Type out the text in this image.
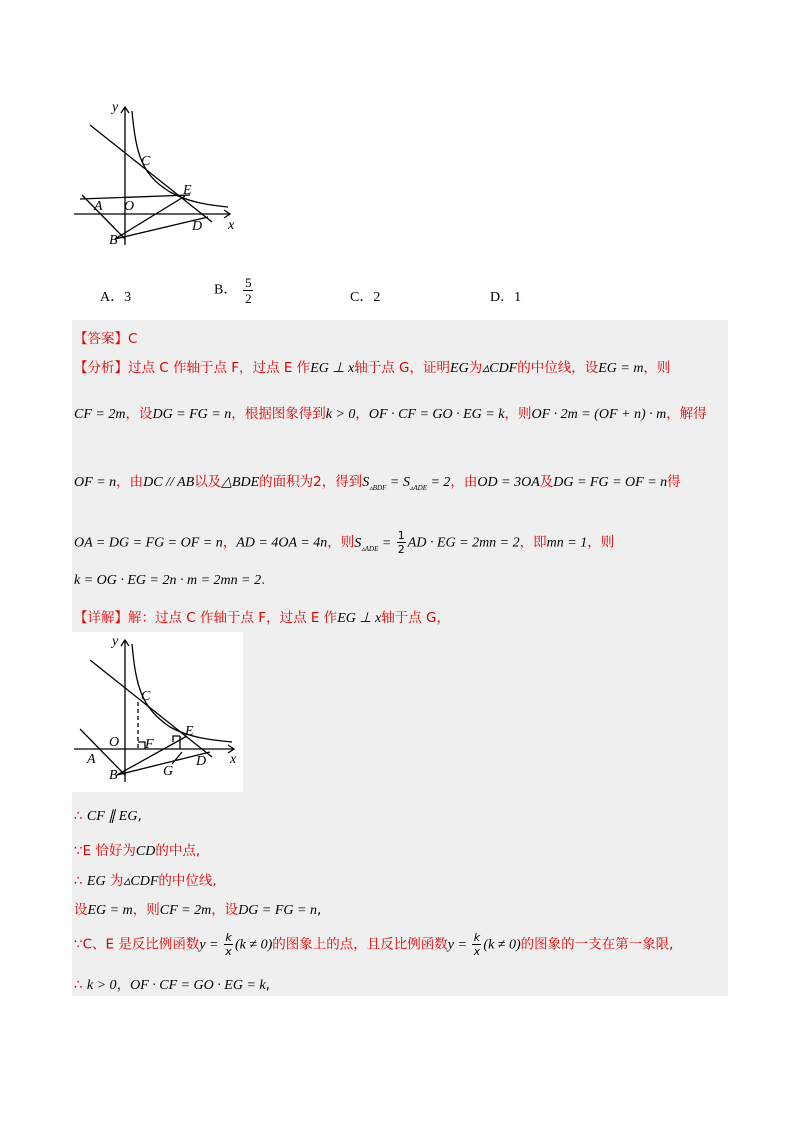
y
x
C
E
A O
B
D
A．3	B． $\frac{5}{2}$	C．2	D．1
【答案】C
【分析】过点 C 作轴于点 F，过点 E 作EG ⊥ x轴于点 G，证明EG为▵CDF的中位线，设EG = m，则
CF = 2m，设DG = FG = n，根据图象得到k > 0，OF · CF = GO · EG = k，则OF · 2m = (OF + n) · m，解得
OF = n，由DC // AB以及△BDE的面积为2，得到$S_{▵BDF} = S_{▵ADE} = 2$，由OD = 3OA及DG = FG = OF = n得
OA = DG = FG = OF = n，AD = 4OA = 4n，则$S_{▵ADE} = \frac{1}{2}$ AD · EG = 2mn = 2，即mn = 1，则
k = OG · EG = 2n · m = 2mn = 2.
【详解】解：过点 C 作轴于点 F，过点 E 作EG ⊥ x轴于点 G，
y
x
C
E
O F
A
B	G
D
∴ CF ∥ EG,
∵E 恰好为CD的中点,
∴ EG 为▵CDF的中位线,
设EG = m，则CF = 2m，设DG = FG = n,
∵C、E 是反比例函数$y = \frac{k}{x} (k \ne 0)$的图象上的点，且反比例函数$y = \frac{k}{x} (k \ne 0)$的图象的一支在第一象限,
∴ k > 0，OF · CF = GO · EG = k,
